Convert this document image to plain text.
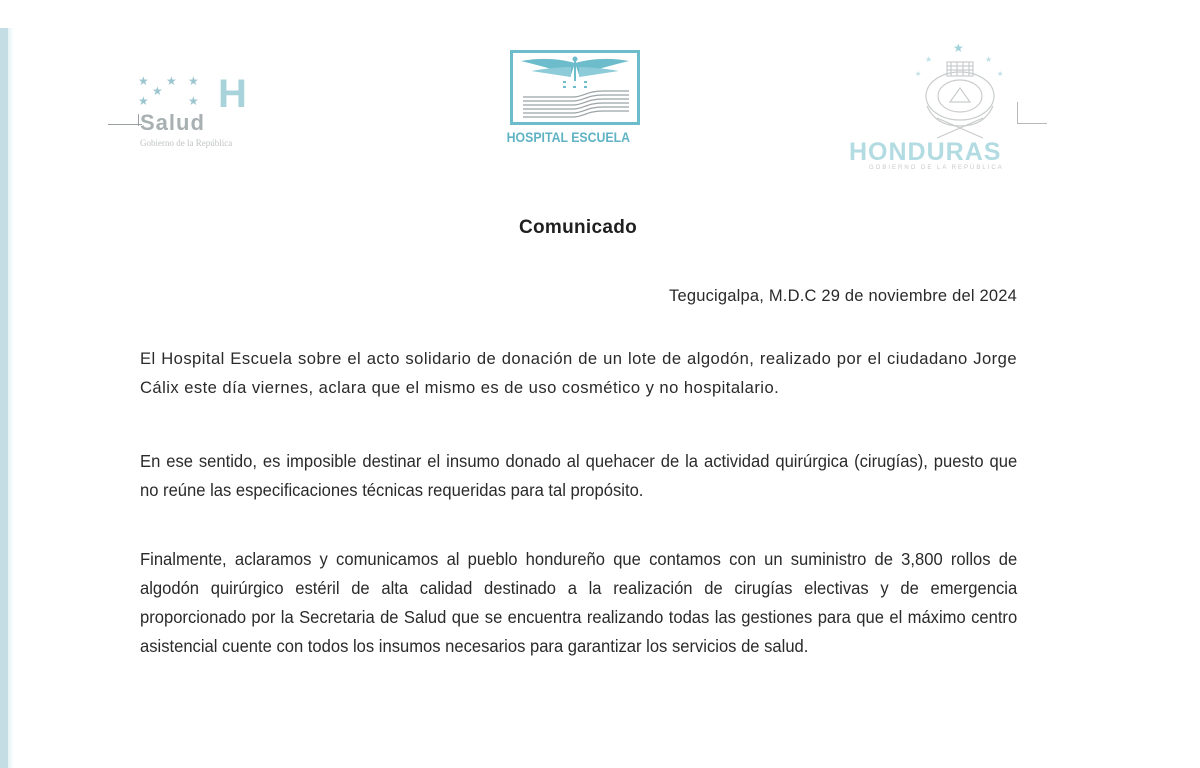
★ ★ ★
★
★	★ H
Salud
Gobierno de la República	HOSPITAL ESCUELA
★
★	★
★	★
HONDURAS
GOBIERNO DE LA REPÚBLICA
Comunicado
Tegucigalpa, M.D.C 29 de noviembre del 2024

El Hospital Escuela sobre el acto solidario de donación de un lote de algodón, realizado por el ciudadano Jorge Cálix este día viernes, aclara que el mismo es de uso cosmético y no hospitalario.

En ese sentido, es imposible destinar el insumo donado al quehacer de la actividad quirúrgica (cirugías), puesto que no reúne las especificaciones técnicas requeridas para tal propósito.

Finalmente, aclaramos y comunicamos al pueblo hondureño que contamos con un suministro de 3,800 rollos de algodón quirúrgico estéril de alta calidad destinado a la realización de cirugías electivas y de emergencia proporcionado por la Secretaria de Salud que se encuentra realizando todas las gestiones para que el máximo centro asistencial cuente con todos los insumos necesarios para garantizar los servicios de salud.
